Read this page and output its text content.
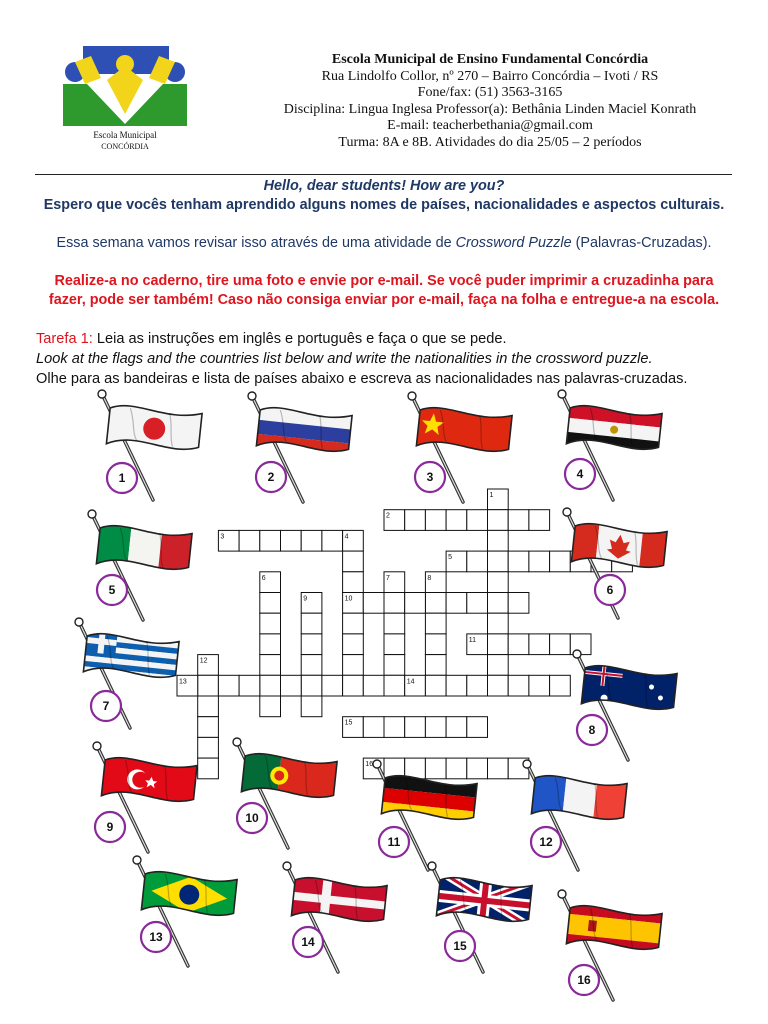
Escola Municipal
CONCÓRDIA
Escola Municipal de Ensino Fundamental Concórdia
Rua Lindolfo Collor, nº 270 – Bairro Concórdia – Ivoti / RS
Fone/fax: (51) 3563-3165
Disciplina: Lingua Inglesa Professor(a): Bethânia Linden Maciel Konrath
E-mail: teacherbethania@gmail.com
Turma: 8A e 8B. Atividades do dia 25/05 – 2 períodos
Hello, dear students! How are you?
Espero que vocês tenham aprendido alguns nomes de países, nacionalidades e aspectos culturais.
Essa semana vamos revisar isso através de uma atividade de Crossword Puzzle (Palavras-Cruzadas).
Realize-a no caderno, tire uma foto e envie por e-mail. Se você puder imprimir a cruzadinha para
fazer, pode ser também! Caso não consiga enviar por e-mail, faça na folha e entregue-a na escola.
Tarefa 1: Leia as instruções em inglês e português e faça o que se pede.
Look at the flags and the countries list below and write the nationalities in the crossword puzzle.
Olhe para as bandeiras e lista de países abaixo e escreva as nacionalidades nas palavras-cruzadas.
1
2
3	4
5
6	7	8
9	10
11
12
13	14
15
16
1	2	3	4
5	6
7
8
9
10
11	12
13	14	15
16
